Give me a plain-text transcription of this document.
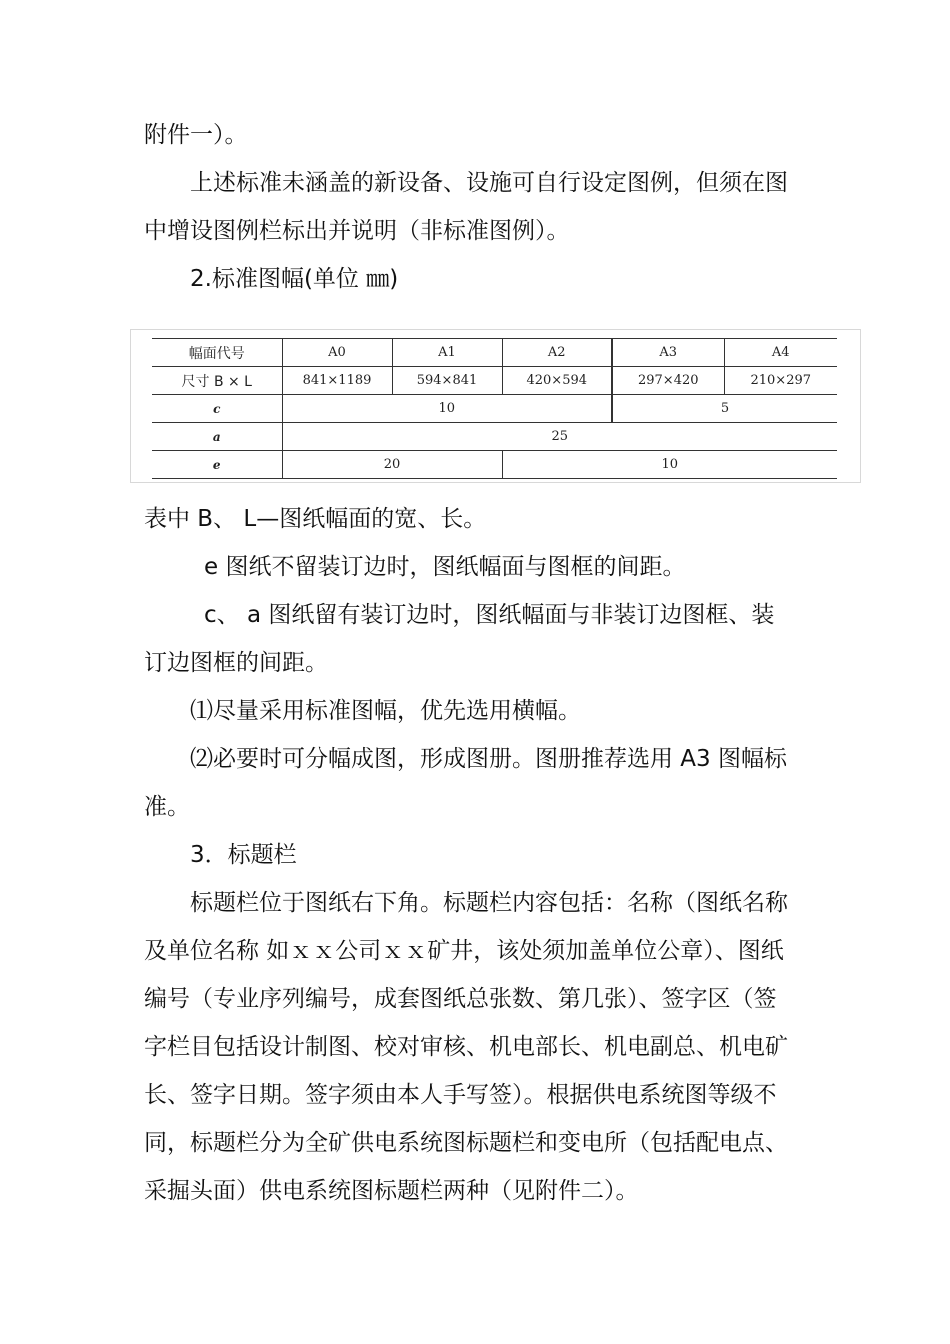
附件一）。

上述标准未涵盖的新设备、设施可自行设定图例，但须在图

中增设图例栏标出并说明（非标准图例）。

2.标准图幅(单位 ㎜)

幅面代号	A0	A1	A2	A3	A4
尺寸 B × L	841×1189	594×841	420×594	297×420	210×297
c	10			5	
a	25				
e	20		10		

表中 B、 L—图纸幅面的宽、长。

e 图纸不留装订边时，图纸幅面与图框的间距。

c、 a 图纸留有装订边时，图纸幅面与非装订边图框、装

订边图框的间距。

⑴尽量采用标准图幅，优先选用横幅。

⑵必要时可分幅成图，形成图册。图册推荐选用 A3 图幅标

准。

3．标题栏

标题栏位于图纸右下角。标题栏内容包括：名称（图纸名称

及单位名称 如ｘｘ公司ｘｘ矿井，该处须加盖单位公章）、图纸

编号（专业序列编号，成套图纸总张数、第几张）、签字区（签

字栏目包括设计制图、校对审核、机电部长、机电副总、机电矿

长、签字日期。签字须由本人手写签）。根据供电系统图等级不

同，标题栏分为全矿供电系统图标题栏和变电所（包括配电点、

采掘头面）供电系统图标题栏两种（见附件二）。
